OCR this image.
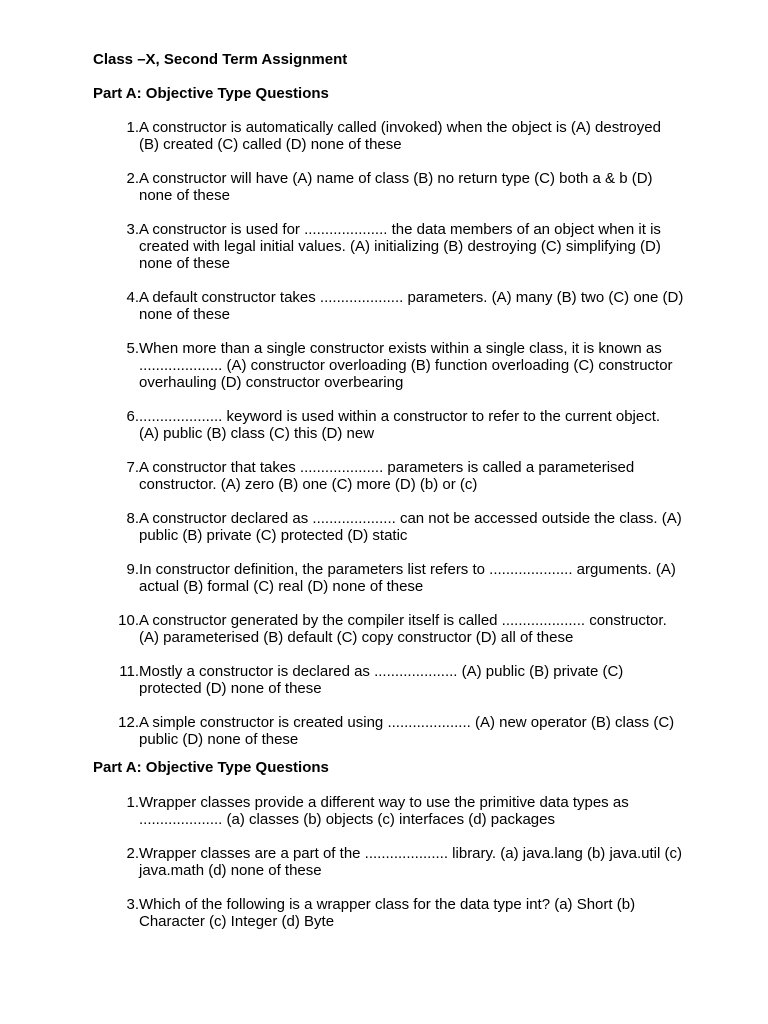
Class –X, Second Term Assignment
Part A: Objective Type Questions
1. A constructor is automatically called (invoked) when the object is (A) destroyed (B) created (C) called (D) none of these
2. A constructor will have (A) name of class (B) no return type (C) both a & b (D) none of these
3. A constructor is used for .................... the data members of an object when it is created with legal initial values. (A) initializing (B) destroying (C) simplifying (D) none of these
4. A default constructor takes .................... parameters. (A) many (B) two (C) one (D) none of these
5. When more than a single constructor exists within a single class, it is known as .................... (A) constructor overloading (B) function overloading (C) constructor overhauling (D) constructor overbearing
6. .................... keyword is used within a constructor to refer to the current object. (A) public (B) class (C) this (D) new
7. A constructor that takes .................... parameters is called a parameterised constructor. (A) zero (B) one (C) more (D) (b) or (c)
8. A constructor declared as .................... can not be accessed outside the class. (A) public (B) private (C) protected (D) static
9. In constructor definition, the parameters list refers to .................... arguments. (A) actual (B) formal (C) real (D) none of these
10. A constructor generated by the compiler itself is called .................... constructor. (A) parameterised (B) default (C) copy constructor (D) all of these
11. Mostly a constructor is declared as .................... (A) public (B) private (C) protected (D) none of these
12. A simple constructor is created using .................... (A) new operator (B) class (C) public (D) none of these
Part A: Objective Type Questions
1. Wrapper classes provide a different way to use the primitive data types as .................... (a) classes (b) objects (c) interfaces (d) packages
2. Wrapper classes are a part of the .................... library. (a) java.lang (b) java.util (c) java.math (d) none of these
3. Which of the following is a wrapper class for the data type int? (a) Short (b) Character (c) Integer (d) Byte
